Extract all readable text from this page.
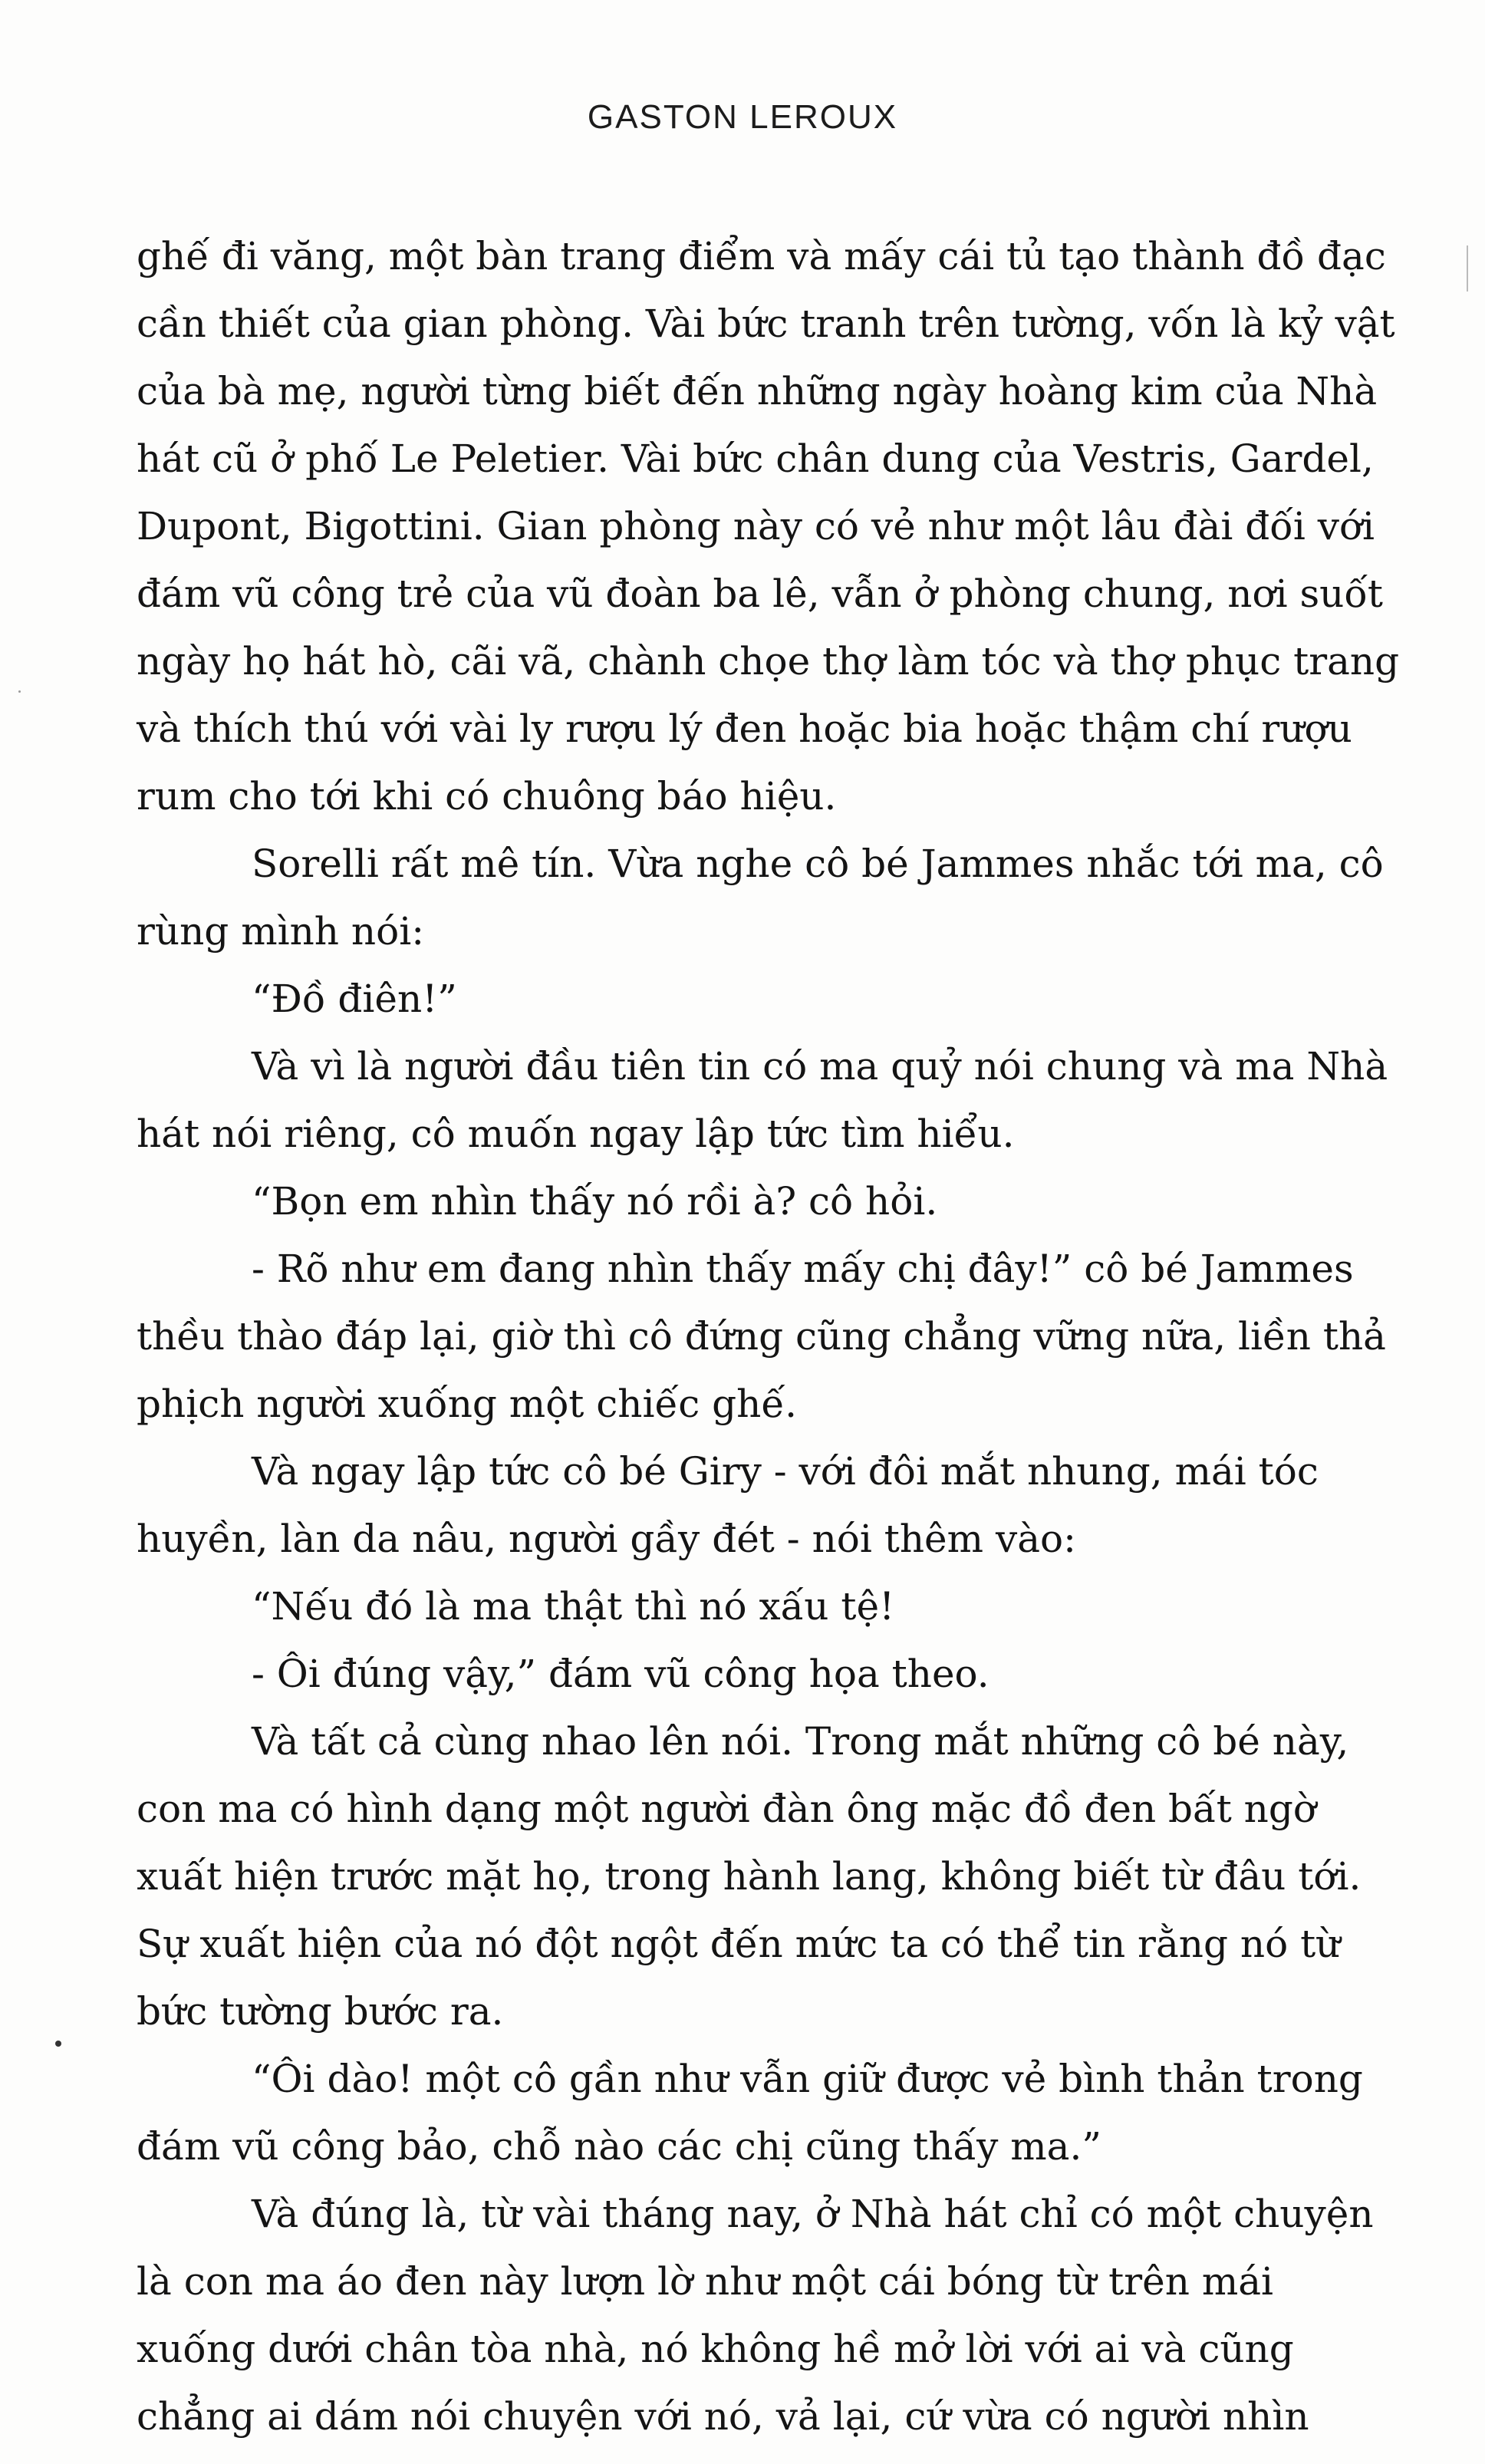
GASTON LEROUX
ghế đi văng, một bàn trang điểm và mấy cái tủ tạo thành đồ đạc
cần thiết của gian phòng. Vài bức tranh trên tường, vốn là kỷ vật
của bà mẹ, người từng biết đến những ngày hoàng kim của Nhà
hát cũ ở phố Le Peletier. Vài bức chân dung của Vestris, Gardel,
Dupont, Bigottini. Gian phòng này có vẻ như một lâu đài đối với
đám vũ công trẻ của vũ đoàn ba lê, vẫn ở phòng chung, nơi suốt
ngày họ hát hò, cãi vã, chành chọe thợ làm tóc và thợ phục trang
và thích thú với vài ly rượu lý đen hoặc bia hoặc thậm chí rượu
rum cho tới khi có chuông báo hiệu.
Sorelli rất mê tín. Vừa nghe cô bé Jammes nhắc tới ma, cô
rùng mình nói:
“Đồ điên!”
Và vì là người đầu tiên tin có ma quỷ nói chung và ma Nhà
hát nói riêng, cô muốn ngay lập tức tìm hiểu.
“Bọn em nhìn thấy nó rồi à? cô hỏi.
- Rõ như em đang nhìn thấy mấy chị đây!” cô bé Jammes
thều thào đáp lại, giờ thì cô đứng cũng chẳng vững nữa, liền thả
phịch người xuống một chiếc ghế.
Và ngay lập tức cô bé Giry - với đôi mắt nhung, mái tóc
huyền, làn da nâu, người gầy đét - nói thêm vào:
“Nếu đó là ma thật thì nó xấu tệ!
- Ôi đúng vậy,” đám vũ công họa theo.
Và tất cả cùng nhao lên nói. Trong mắt những cô bé này,
con ma có hình dạng một người đàn ông mặc đồ đen bất ngờ
xuất hiện trước mặt họ, trong hành lang, không biết từ đâu tới.
Sự xuất hiện của nó đột ngột đến mức ta có thể tin rằng nó từ
bức tường bước ra.
“Ôi dào! một cô gần như vẫn giữ được vẻ bình thản trong
đám vũ công bảo, chỗ nào các chị cũng thấy ma.”
Và đúng là, từ vài tháng nay, ở Nhà hát chỉ có một chuyện
là con ma áo đen này lượn lờ như một cái bóng từ trên mái
xuống dưới chân tòa nhà, nó không hề mở lời với ai và cũng
chẳng ai dám nói chuyện với nó, vả lại, cứ vừa có người nhìn
